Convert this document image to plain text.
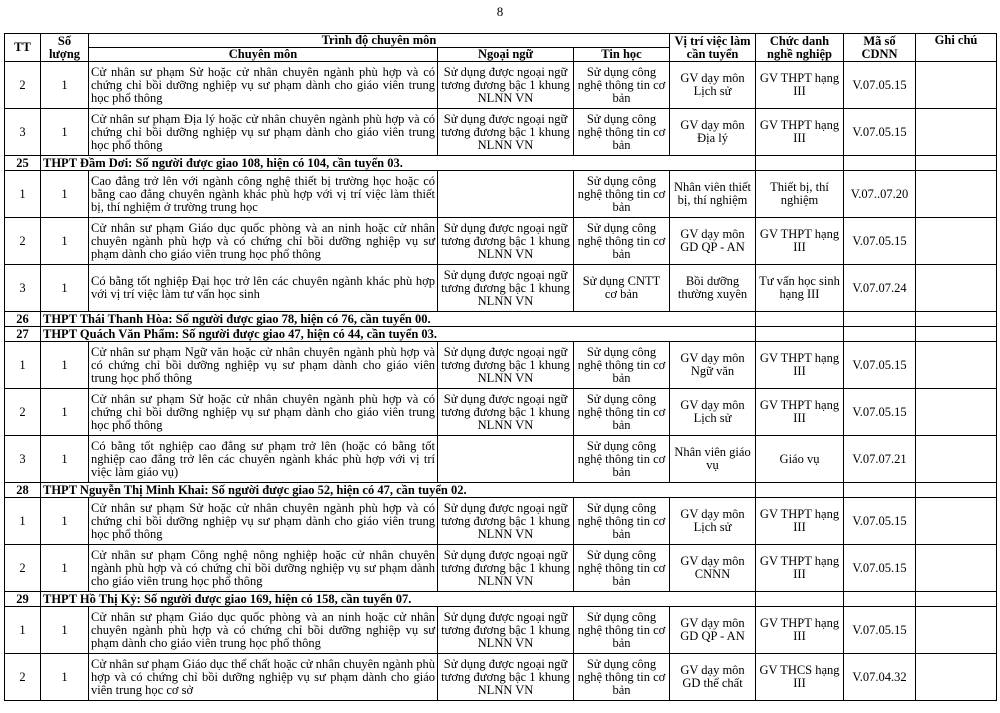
8
TT	Số lượng	Trình độ chuyên môn			Vị trí việc làm cần tuyển	Chức danh nghề nghiệp	Mã số CDNN	Ghi chú	
		Chuyên môn	Ngoại ngữ	Tin học					
2	1	Cử nhân sư phạm Sử hoặc cử nhân chuyên ngành phù hợp và có chứng chỉ bồi dưỡng nghiệp vụ sư phạm dành cho giáo viên trung học phổ thông	Sử dụng được ngoại ngữ tương đương bậc 1 khung NLNN VN	Sử dụng công nghệ thông tin cơ bản	GV dạy môn Lịch sử	GV THPT hạng III	V.07.05.15		
3	1	Cử nhân sư phạm Địa lý hoặc cử nhân chuyên ngành phù hợp và có chứng chỉ bồi dưỡng nghiệp vụ sư phạm dành cho giáo viên trung học phổ thông	Sử dụng được ngoại ngữ tương đương bậc 1 khung NLNN VN	Sử dụng công nghệ thông tin cơ bản	GV dạy môn Địa lý	GV THPT hạng III	V.07.05.15		
25	THPT Đầm Dơi: Số người được giao 108, hiện có 104, cần tuyển 03.								
1	1	Cao đẳng trở lên với ngành công nghệ thiết bị trường học hoặc có bằng cao đẳng chuyên ngành khác phù hợp với vị trí việc làm thiết bị, thí nghiệm ở trường trung học		Sử dụng công nghệ thông tin cơ bản	Nhân viên thiết bị, thí nghiệm	Thiết bị, thí nghiệm	V.07..07.20		
2	1	Cử nhân sư phạm Giáo dục quốc phòng và an ninh hoặc cử nhân chuyên ngành phù hợp và có chứng chỉ bồi dưỡng nghiệp vụ sư phạm dành cho giáo viên trung học phổ thông	Sử dụng được ngoại ngữ tương đương bậc 1 khung NLNN VN	Sử dụng công nghệ thông tin cơ bản	GV dạy môn GD QP - AN	GV THPT hạng III	V.07.05.15		
3	1	Có bằng tốt nghiệp Đại học trở lên các chuyên ngành khác phù hợp với vị trí việc làm tư vấn học sinh	Sử dụng được ngoại ngữ tương đương bậc 1 khung NLNN VN	Sử dụng CNTT cơ bản	Bồi dưỡng thường xuyên	Tư vấn học sinh hạng III	V.07.07.24		
26	THPT Thái Thanh Hòa: Số người được giao 78, hiện có 76, cần tuyển 00.								
27	THPT Quách Văn Phẩm: Số người được giao 47, hiện có 44, cần tuyển 03.								
1	1	Cử nhân sư phạm Ngữ văn hoặc cử nhân chuyên ngành phù hợp và có chứng chỉ bồi dưỡng nghiệp vụ sư phạm dành cho giáo viên trung học phổ thông	Sử dụng được ngoại ngữ tương đương bậc 1 khung NLNN VN	Sử dụng công nghệ thông tin cơ bản	GV dạy môn Ngữ văn	GV THPT hạng III	V.07.05.15		
2	1	Cử nhân sư phạm Sử hoặc cử nhân chuyên ngành phù hợp và có chứng chỉ bồi dưỡng nghiệp vụ sư phạm dành cho giáo viên trung học phổ thông	Sử dụng được ngoại ngữ tương đương bậc 1 khung NLNN VN	Sử dụng công nghệ thông tin cơ bản	GV dạy môn Lịch sử	GV THPT hạng III	V.07.05.15		
3	1	Có bằng tốt nghiệp cao đẳng sư phạm trở lên (hoặc có bằng tốt nghiệp cao đẳng trở lên các chuyên ngành khác phù hợp với vị trí việc làm giáo vụ)		Sử dụng công nghệ thông tin cơ bản	Nhân viên giáo vụ	Giáo vụ	V.07.07.21		
28	THPT Nguyễn Thị Minh Khai: Số người được giao 52, hiện có 47, cần tuyển 02.								
1	1	Cử nhân sư phạm Sử hoặc cử nhân chuyên ngành phù hợp và có chứng chỉ bồi dưỡng nghiệp vụ sư phạm dành cho giáo viên trung học phổ thông	Sử dụng được ngoại ngữ tương đương bậc 1 khung NLNN VN	Sử dụng công nghệ thông tin cơ bản	GV dạy môn Lịch sử	GV THPT hạng III	V.07.05.15		
2	1	Cử nhân sư phạm Công nghệ nông nghiệp hoặc cử nhân chuyên ngành phù hợp và có chứng chỉ bồi dưỡng nghiệp vụ sư phạm dành cho giáo viên trung học phổ thông	Sử dụng được ngoại ngữ tương đương bậc 1 khung NLNN VN	Sử dụng công nghệ thông tin cơ bản	GV dạy môn CNNN	GV THPT hạng III	V.07.05.15		
29	THPT Hồ Thị Kỷ: Số người được giao 169, hiện có 158, cần tuyển 07.								
1	1	Cử nhân sư phạm Giáo dục quốc phòng và an ninh hoặc cử nhân chuyên ngành phù hợp và có chứng chỉ bồi dưỡng nghiệp vụ sư phạm dành cho giáo viên trung học phổ thông	Sử dụng được ngoại ngữ tương đương bậc 1 khung NLNN VN	Sử dụng công nghệ thông tin cơ bản	GV dạy môn GD QP - AN	GV THPT hạng III	V.07.05.15		
2	1	Cử nhân sư phạm Giáo dục thể chất hoặc cử nhân chuyên ngành phù hợp và có chứng chỉ bồi dưỡng nghiệp vụ sư phạm dành cho giáo viên trung học cơ sở	Sử dụng được ngoại ngữ tương đương bậc 1 khung NLNN VN	Sử dụng công nghệ thông tin cơ bản	GV dạy môn GD thể chất	GV THCS hạng III	V.07.04.32		
